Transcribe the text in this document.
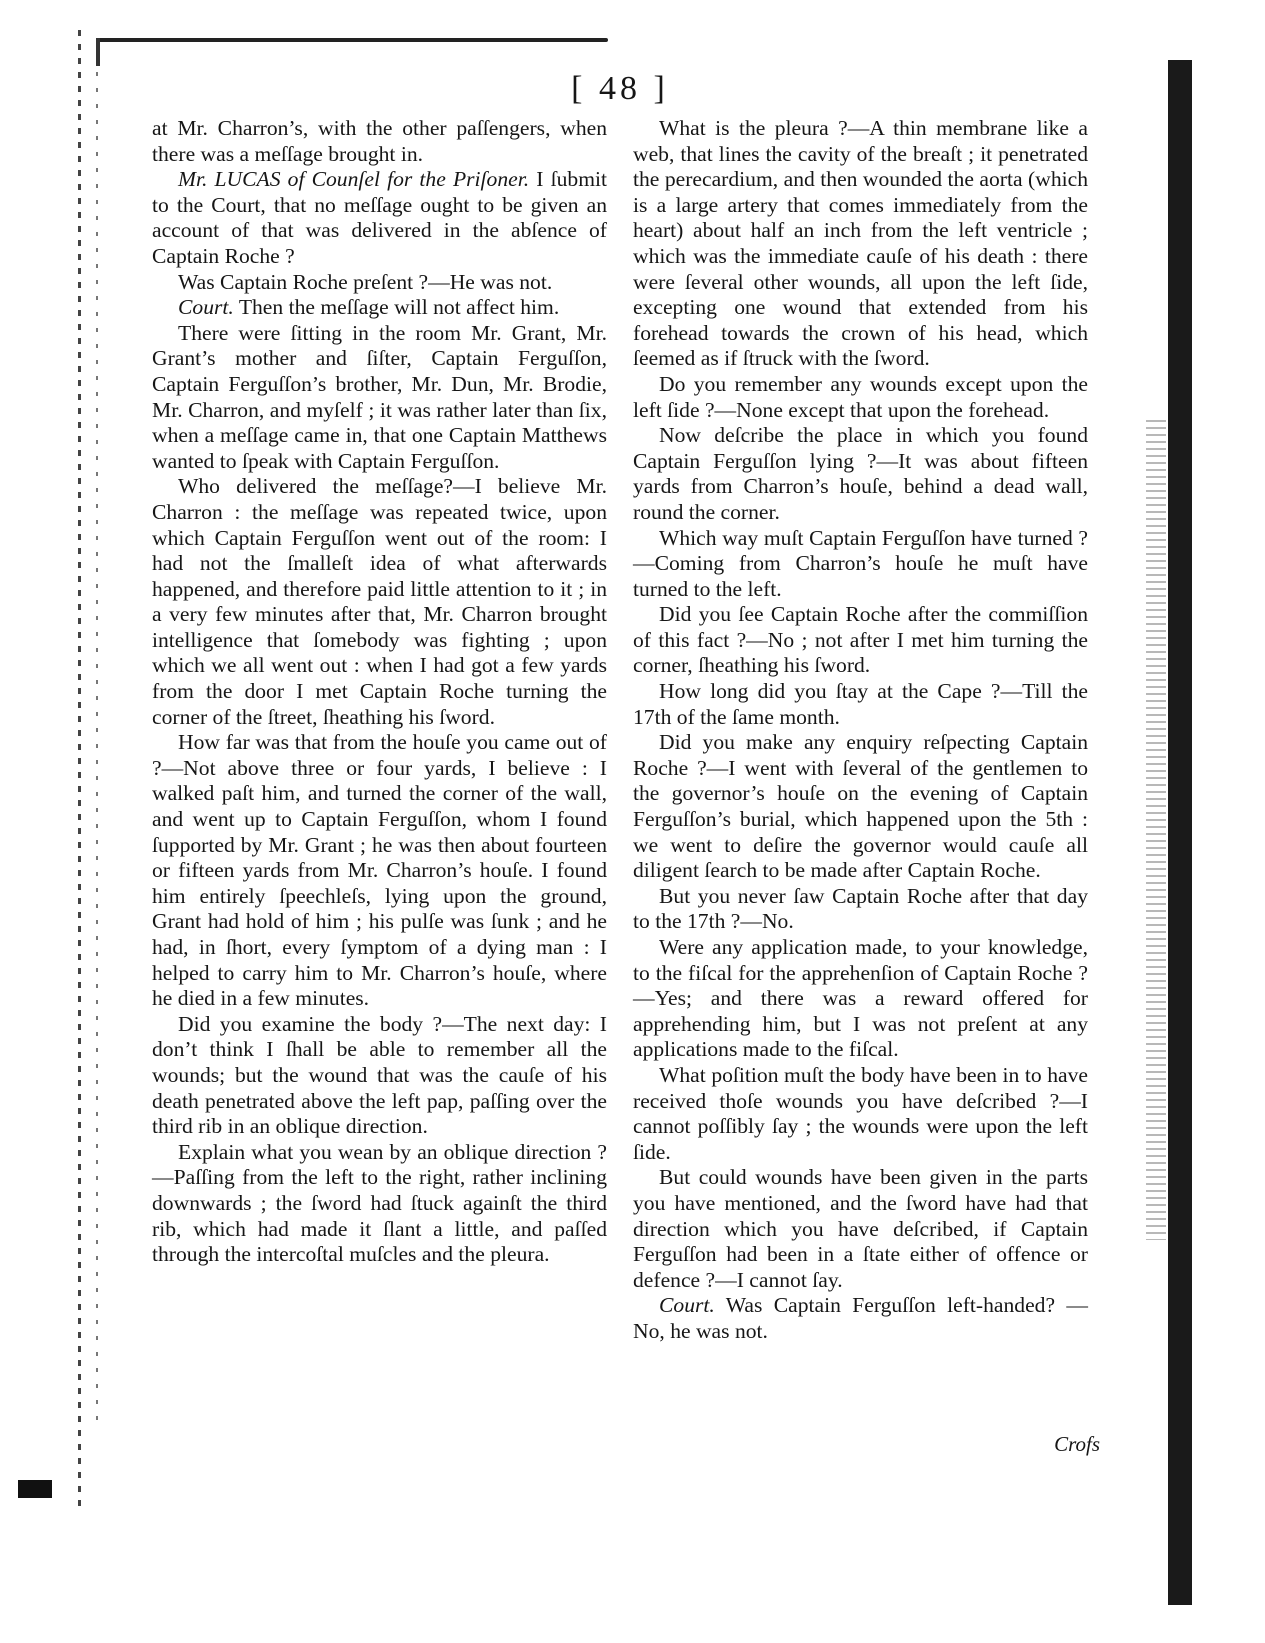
[ 48 ]

at Mr. Charron’s, with the other paſſengers, when there was a meſſage brought in.

Mr. LUCAS of Counſel for the Priſoner. I ſubmit to the Court, that no meſſage ought to be given an account of that was delivered in the abſence of Captain Roche ?

Was Captain Roche preſent ?—He was not.

Court. Then the meſſage will not affect him.

There were ſitting in the room Mr. Grant, Mr. Grant’s mother and ſiſter, Captain Ferguſſon, Captain Ferguſſon’s brother, Mr. Dun, Mr. Brodie, Mr. Charron, and myſelf ; it was rather later than ſix, when a meſſage came in, that one Captain Matthews wanted to ſpeak with Captain Ferguſſon.

Who delivered the meſſage?—I believe Mr. Charron : the meſſage was repeated twice, upon which Captain Ferguſſon went out of the room: I had not the ſmalleſt idea of what afterwards happened, and therefore paid little attention to it ; in a very few minutes after that, Mr. Charron brought intelligence that ſomebody was fighting ; upon which we all went out : when I had got a few yards from the door I met Captain Roche turning the corner of the ſtreet, ſheathing his ſword.

How far was that from the houſe you came out of ?—Not above three or four yards, I believe : I walked paſt him, and turned the corner of the wall, and went up to Captain Ferguſſon, whom I found ſupported by Mr. Grant ; he was then about fourteen or fifteen yards from Mr. Charron’s houſe. I found him entirely ſpeechleſs, lying upon the ground, Grant had hold of him ; his pulſe was ſunk ; and he had, in ſhort, every ſymptom of a dying man : I helped to carry him to Mr. Charron’s houſe, where he died in a few minutes.

Did you examine the body ?—The next day: I don’t think I ſhall be able to remember all the wounds; but the wound that was the cauſe of his death penetrated above the left pap, paſſing over the third rib in an oblique direction.

Explain what you wean by an oblique direction ?—Paſſing from the left to the right, rather inclining downwards ; the ſword had ſtuck againſt the third rib, which had made it ſlant a little, and paſſed through the intercoſtal muſcles and the pleura.

What is the pleura ?—A thin membrane like a web, that lines the cavity of the breaſt ; it penetrated the perecardium, and then wounded the aorta (which is a large artery that comes immediately from the heart) about half an inch from the left ventricle ; which was the immediate cauſe of his death : there were ſeveral other wounds, all upon the left ſide, excepting one wound that extended from his forehead towards the crown of his head, which ſeemed as if ſtruck with the ſword.

Do you remember any wounds except upon the left ſide ?—None except that upon the forehead.

Now deſcribe the place in which you found Captain Ferguſſon lying ?—It was about fifteen yards from Charron’s houſe, behind a dead wall, round the corner.

Which way muſt Captain Ferguſſon have turned ?—Coming from Charron’s houſe he muſt have turned to the left.

Did you ſee Captain Roche after the commiſſion of this fact ?—No ; not after I met him turning the corner, ſheathing his ſword.

How long did you ſtay at the Cape ?—Till the 17th of the ſame month.

Did you make any enquiry reſpecting Captain Roche ?—I went with ſeveral of the gentlemen to the governor’s houſe on the evening of Captain Ferguſſon’s burial, which happened upon the 5th : we went to deſire the governor would cauſe all diligent ſearch to be made after Captain Roche.

But you never ſaw Captain Roche after that day to the 17th ?—No.

Were any application made, to your knowledge, to the fiſcal for the apprehenſion of Captain Roche ?—Yes; and there was a reward offered for apprehending him, but I was not preſent at any applications made to the fiſcal.

What poſition muſt the body have been in to have received thoſe wounds you have deſcribed ?—I cannot poſſibly ſay ; the wounds were upon the left ſide.

But could wounds have been given in the parts you have mentioned, and the ſword have had that direction which you have deſcribed, if Captain Ferguſſon had been in a ſtate either of offence or defence ?—I cannot ſay.

Court. Was Captain Ferguſſon left-handed? —No, he was not.

Crofs
